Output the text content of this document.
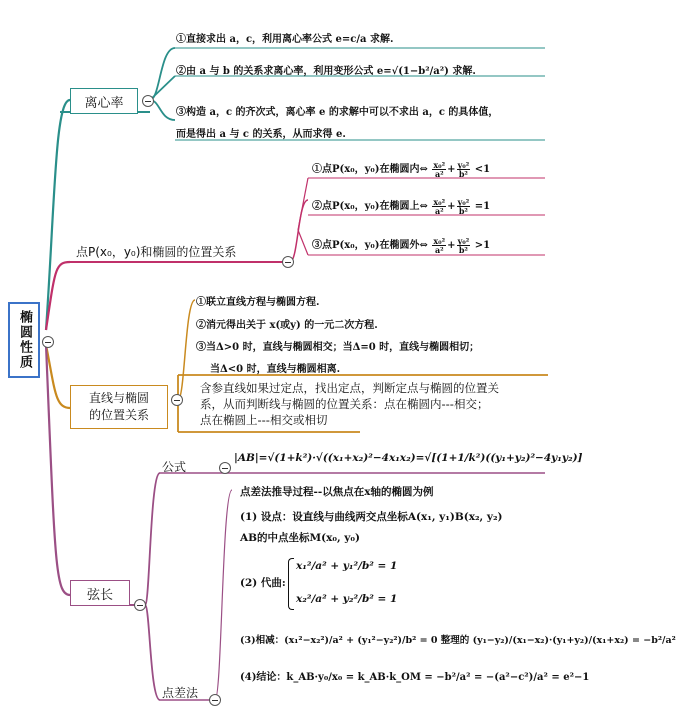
椭圆性质
离心率
①直接求出 a，c，利用离心率公式 e=c/a 求解.
②由 a 与 b 的关系求离心率，利用变形公式 e=√(1−b²/a²) 求解.
③构造 a，c 的齐次式，离心率 e 的求解中可以不求出 a，c 的具体值，
而是得出 a 与 c 的关系，从而求得 e.
点P(x₀，y₀)和椭圆的位置关系
①点P(x₀，y₀)在椭圆内⇔ $\frac{\text{x₀²}}{\text{a²}} + \frac{\text{y₀²}}{\text{b²}} <1$
②点P(x₀，y₀)在椭圆上⇔ $\frac{\text{x₀²}}{\text{a²}} + \frac{\text{y₀²}}{\text{b²}} =1$
③点P(x₀，y₀)在椭圆外⇔ $\frac{\text{x₀²}}{\text{a²}} + \frac{\text{y₀²}}{\text{b²}} >1$
直线与椭圆
的位置关系
①联立直线方程与椭圆方程.
②消元得出关于 x(或y) 的一元二次方程.
③当Δ>0 时，直线与椭圆相交；当Δ=0 时，直线与椭圆相切；
当Δ<0 时，直线与椭圆相离.
含参直线如果过定点，找出定点，判断定点与椭圆的位置关
系，从而判断线与椭圆的位置关系：点在椭圆内---相交；
点在椭圆上---相交或相切
弦长
公式
|AB|=√(1+k²)·√((x₁+x₂)²−4x₁x₂)=√[(1+1/k²)((y₁+y₂)²−4y₁y₂)]
点差法
点差法推导过程--以焦点在x轴的椭圆为例
(1) 设点：设直线与曲线两交点坐标A(x₁, y₁)B(x₂, y₂)
AB的中点坐标M(x₀, y₀)
(2) 代曲:
x₁²/a² + y₁²/b² = 1
x₂²/a² + y₂²/b² = 1
(3)相减：(x₁²−x₂²)/a² + (y₁²−y₂²)/b² = 0 整理的 (y₁−y₂)/(x₁−x₂)·(y₁+y₂)/(x₁+x₂) = −b²/a²
(4)结论：k_AB·y₀/x₀ = k_AB·k_OM = −b²/a² = −(a²−c²)/a² = e²−1
